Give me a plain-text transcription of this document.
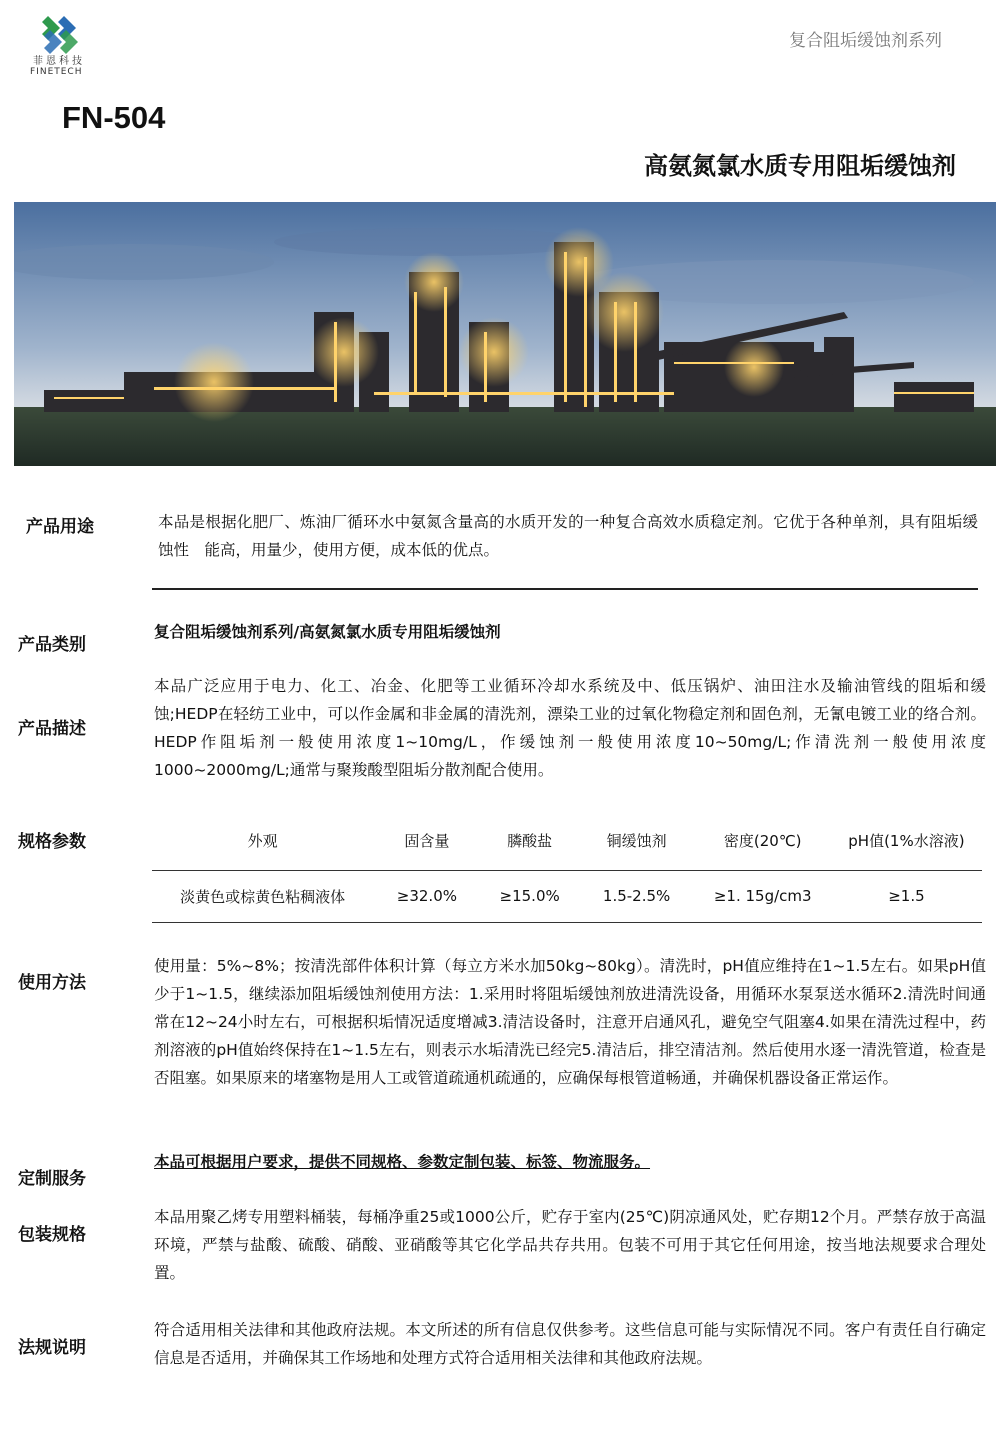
菲恩科技
FINETECH
复合阻垢缓蚀剂系列
FN-504
高氨氮氯水质专用阻垢缓蚀剂
产品用途	本品是根据化肥厂、炼油厂循环水中氨氮含量高的水质开发的一种复合高效水质稳定剂。它优于各种单剂，具有阻垢缓蚀性　能高，用量少，使用方便，成本低的优点。
产品类别
复合阻垢缓蚀剂系列/高氨氮氯水质专用阻垢缓蚀剂
产品描述
本品广泛应用于电力、化工、冶金、化肥等工业循环冷却水系统及中、低压锅炉、油田注水及输油管线的阻垢和缓蚀;HEDP在轻纺工业中，可以作金属和非金属的清洗剂，漂染工业的过氧化物稳定剂和固色剂，无氰电镀工业的络合剂。HEDP作阻垢剂一般使用浓度1~10mg/L，作缓蚀剂一般使用浓度10~50mg/L;作清洗剂一般使用浓度1000~2000mg/L;通常与聚羧酸型阻垢分散剂配合使用。
规格参数	外观	固含量	膦酸盐	铜缓蚀剂	密度(20℃)	pH值(1%水溶液)
淡黄色或棕黄色粘稠液体	≥32.0%	≥15.0%	1.5-2.5%	≥1. 15g/cm3	≥1.5
使用方法
使用量：5%~8%；按清洗部件体积计算（每立方米水加50kg~80kg）。清洗时，pH值应维持在1~1.5左右。如果pH值少于1~1.5，继续添加阻垢缓蚀剂使用方法：1.采用时将阻垢缓蚀剂放进清洗设备，用循环水泵泵送水循环2.清洗时间通常在12~24小时左右，可根据积垢情况适度增减3.清洁设备时，注意开启通风孔，避免空气阻塞4.如果在清洗过程中，药剂溶液的pH值始终保持在1~1.5左右，则表示水垢清洗已经完5.清洁后，排空清洁剂。然后使用水逐一清洗管道，检查是否阻塞。如果原来的堵塞物是用人工或管道疏通机疏通的，应确保每根管道畅通，并确保机器设备正常运作。
定制服务
本品可根据用户要求，提供不同规格、参数定制包装、标签、物流服务。
包装规格
本品用聚乙烤专用塑料桶装，每桶净重25或1000公斤，贮存于室内(25℃)阴凉通风处，贮存期12个月。严禁存放于高温环境，严禁与盐酸、硫酸、硝酸、亚硝酸等其它化学品共存共用。包装不可用于其它任何用途，按当地法规要求合理处置。
法规说明
符合适用相关法律和其他政府法规。本文所述的所有信息仅供参考。这些信息可能与实际情况不同。客户有责任自行确定信息是否适用，并确保其工作场地和处理方式符合适用相关法律和其他政府法规。
